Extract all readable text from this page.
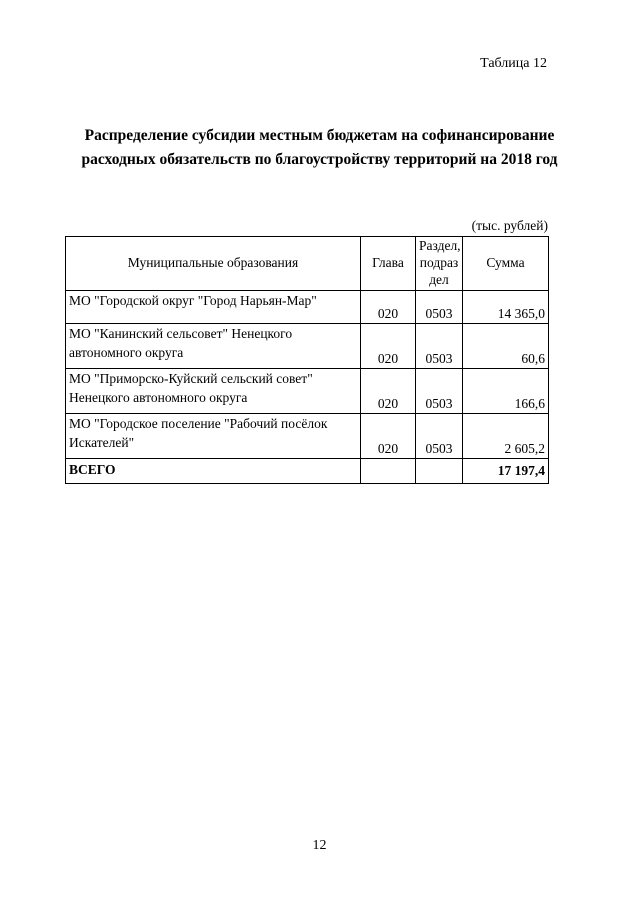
Таблица 12
Распределение субсидии местным бюджетам на софинансирование
расходных обязательств по благоустройству территорий на 2018 год
(тыс. рублей)
Муниципальные образования	Глава	Раздел, подраз дел	Сумма
МО "Городской округ "Город Нарьян-Мар"	020	0503	14 365,0
МО "Канинский сельсовет" Ненецкого автономного округа	020	0503	60,6
МО "Приморско-Куйский сельский совет" Ненецкого автономного округа	020	0503	166,6
МО "Городское поселение "Рабочий посёлок Искателей"	020	0503	2 605,2
ВСЕГО			17 197,4
12
